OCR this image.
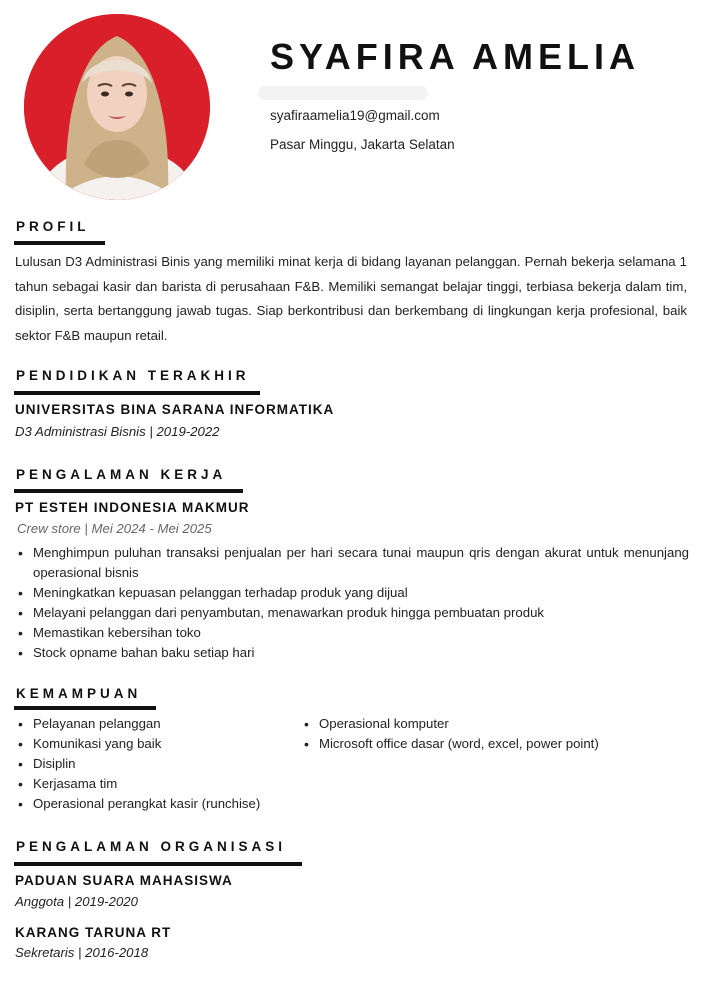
SYAFIRA AMELIA
syafiraamelia19@gmail.com
Pasar Minggu, Jakarta Selatan
PROFIL
Lulusan D3 Administrasi Binis yang memiliki minat kerja di bidang layanan pelanggan. Pernah bekerja selamana 1 tahun sebagai kasir dan barista di perusahaan F&B. Memiliki semangat belajar tinggi, terbiasa bekerja dalam tim, disiplin, serta bertanggung jawab tugas. Siap berkontribusi dan berkembang di lingkungan kerja profesional, baik sektor F&B maupun retail.
PENDIDIKAN TERAKHIR
UNIVERSITAS BINA SARANA INFORMATIKA
D3 Administrasi Bisnis | 2019-2022
PENGALAMAN KERJA
PT ESTEH INDONESIA MAKMUR
Crew store | Mei 2024 - Mei 2025
• Menghimpun puluhan transaksi penjualan per hari secara tunai maupun qris dengan akurat untuk menunjang operasional bisnis
• Meningkatkan kepuasan pelanggan terhadap produk yang dijual
• Melayani pelanggan dari penyambutan, menawarkan produk hingga pembuatan produk
• Memastikan kebersihan toko
• Stock opname bahan baku setiap hari
KEMAMPUAN
• Pelayanan pelanggan
• Komunikasi yang baik
• Disiplin
• Kerjasama tim
• Operasional perangkat kasir (runchise)
• Operasional komputer
• Microsoft office dasar (word, excel, power point)
PENGALAMAN ORGANISASI
PADUAN SUARA MAHASISWA
Anggota | 2019-2020
KARANG TARUNA RT
Sekretaris | 2016-2018
